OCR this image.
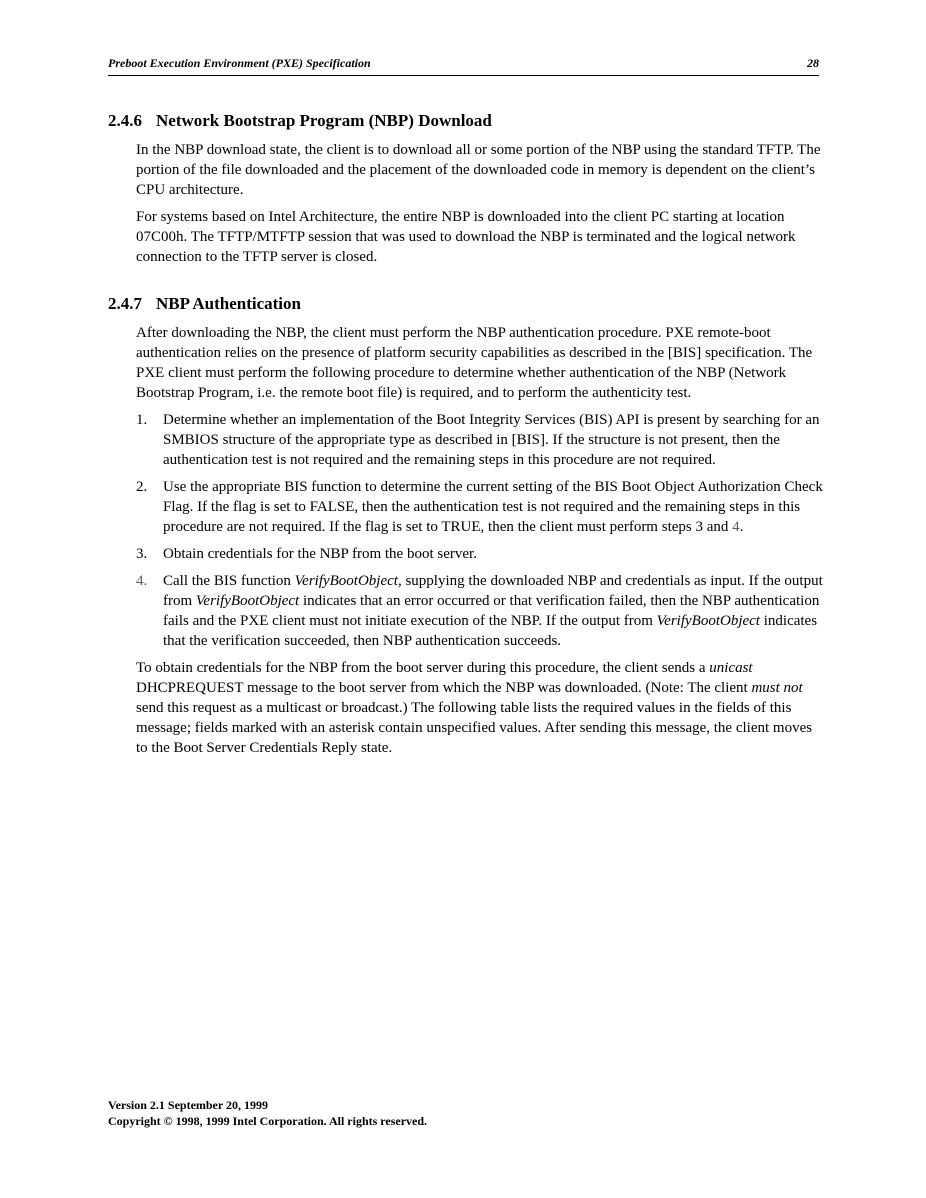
Preboot Execution Environment (PXE) Specification	28
2.4.6 Network Bootstrap Program (NBP) Download

In the NBP download state, the client is to download all or some portion of the NBP using the standard TFTP. The portion of the file downloaded and the placement of the downloaded code in memory is dependent on the client’s CPU architecture.

For systems based on Intel Architecture, the entire NBP is downloaded into the client PC starting at location 07C00h. The TFTP/MTFTP session that was used to download the NBP is terminated and the logical network connection to the TFTP server is closed.

2.4.7 NBP Authentication

After downloading the NBP, the client must perform the NBP authentication procedure. PXE remote-boot authentication relies on the presence of platform security capabilities as described in the [BIS] specification. The PXE client must perform the following procedure to determine whether authentication of the NBP (Network Bootstrap Program, i.e. the remote boot file) is required, and to perform the authenticity test.

1. Determine whether an implementation of the Boot Integrity Services (BIS) API is present by searching for an SMBIOS structure of the appropriate type as described in [BIS]. If the structure is not present, then the authentication test is not required and the remaining steps in this procedure are not required.
2. Use the appropriate BIS function to determine the current setting of the BIS Boot Object Authorization Check Flag. If the flag is set to FALSE, then the authentication test is not required and the remaining steps in this procedure are not required. If the flag is set to TRUE, then the client must perform steps 3 and 4.
3. Obtain credentials for the NBP from the boot server.
4. Call the BIS function VerifyBootObject, supplying the downloaded NBP and credentials as input. If the output from VerifyBootObject indicates that an error occurred or that verification failed, then the NBP authentication fails and the PXE client must not initiate execution of the NBP. If the output from VerifyBootObject indicates that the verification succeeded, then NBP authentication succeeds.

To obtain credentials for the NBP from the boot server during this procedure, the client sends a unicast DHCPREQUEST message to the boot server from which the NBP was downloaded. (Note: The client must not send this request as a multicast or broadcast.) The following table lists the required values in the fields of this message; fields marked with an asterisk contain unspecified values. After sending this message, the client moves to the Boot Server Credentials Reply state.

Version 2.1 September 20, 1999
Copyright © 1998, 1999 Intel Corporation. All rights reserved.
